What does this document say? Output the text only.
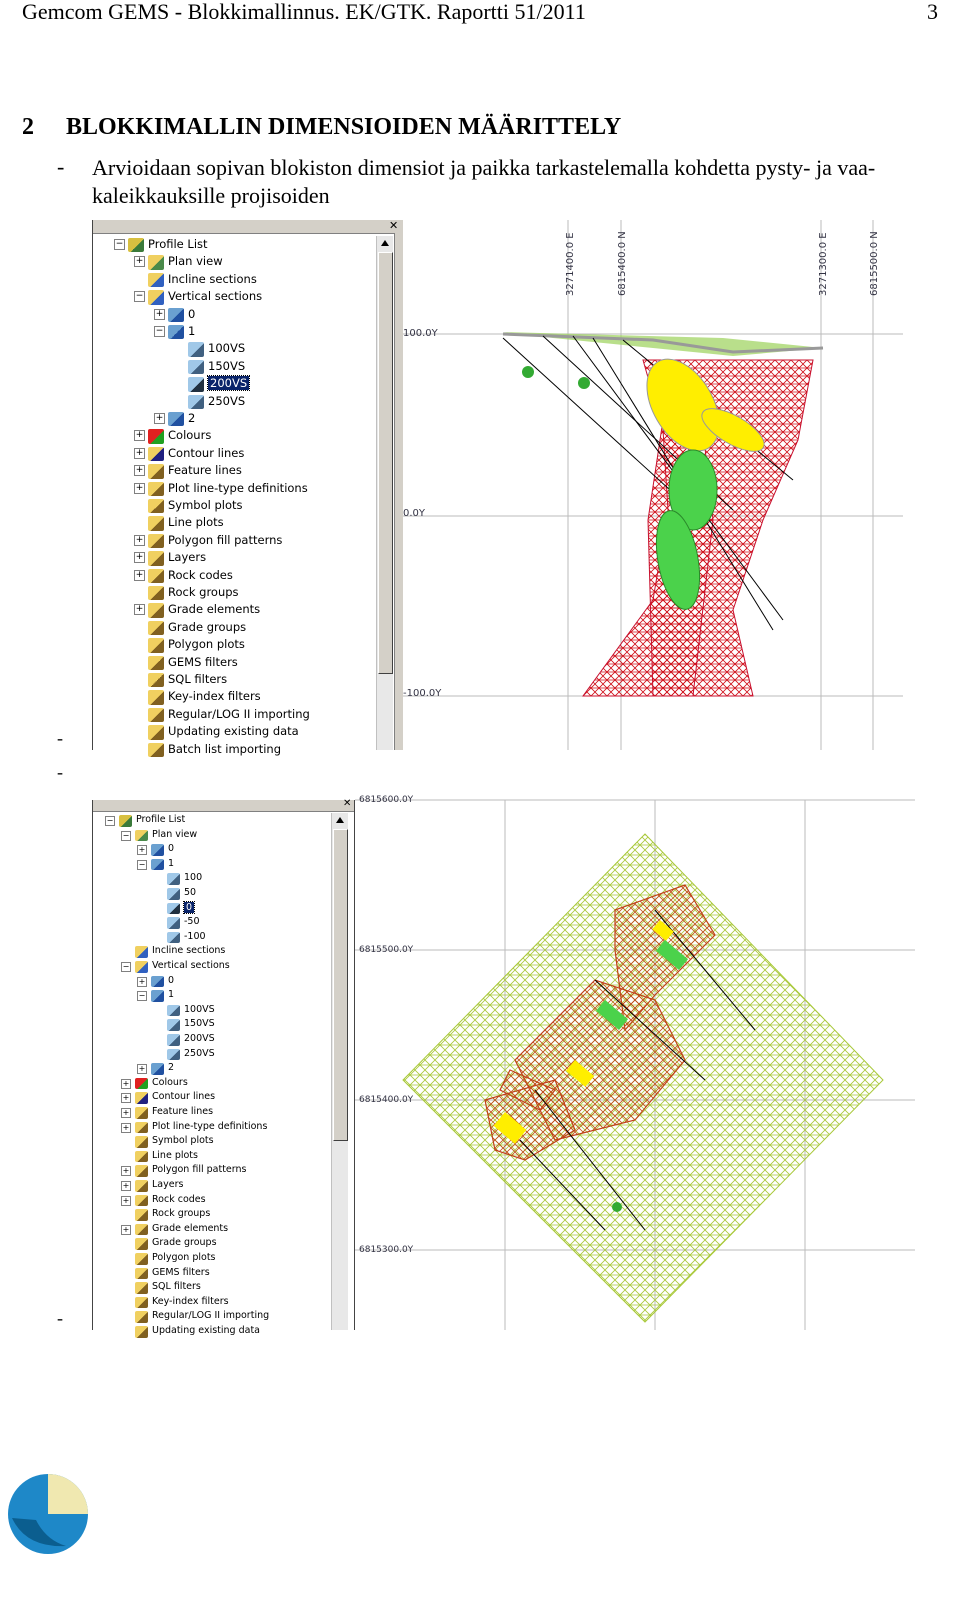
Gemcom GEMS - Blokkimallinnus. EK/GTK. Raportti 51/2011	3
2 BLOKKIMALLIN DIMENSIOIDEN MÄÄRITTELY
- Arvioidaan sopivan blokiston dimensiot ja paikka tarkastelemalla kohdetta pysty- ja vaa-
kaleikkauksille projisoiden
-
-
-
✕
− Profile List
+ Plan view
Incline sections
− Vertical sections
+ 0
− 1
100VS
150VS
200VS
250VS
+ 2
+ Colours
+ Contour lines
+ Feature lines
+ Plot line-type definitions
Symbol plots
Line plots
+ Polygon fill patterns
+ Layers
+ Rock codes
Rock groups
+ Grade elements
Grade groups
Polygon plots
GEMS filters
SQL filters
Key-index filters
Regular/LOG II importing
Updating existing data
Batch list importing
100.0Y
0.0Y
-100.0Y
3271400.0 E	6815400.0 N	3271300.0 E	6815500.0 N
✕
− Profile List
− Plan view
+ 0
− 1
100
50
0
-50
-100
Incline sections
− Vertical sections
+ 0
− 1
100VS
150VS
200VS
250VS
+ 2
+ Colours
+ Contour lines
+ Feature lines
+ Plot line-type definitions
Symbol plots
Line plots
+ Polygon fill patterns
+ Layers
+ Rock codes
Rock groups
+ Grade elements
Grade groups
Polygon plots
GEMS filters
SQL filters
Key-index filters
Regular/LOG II importing
Updating existing data
6815600.0Y
6815500.0Y
6815400.0Y
6815300.0Y
